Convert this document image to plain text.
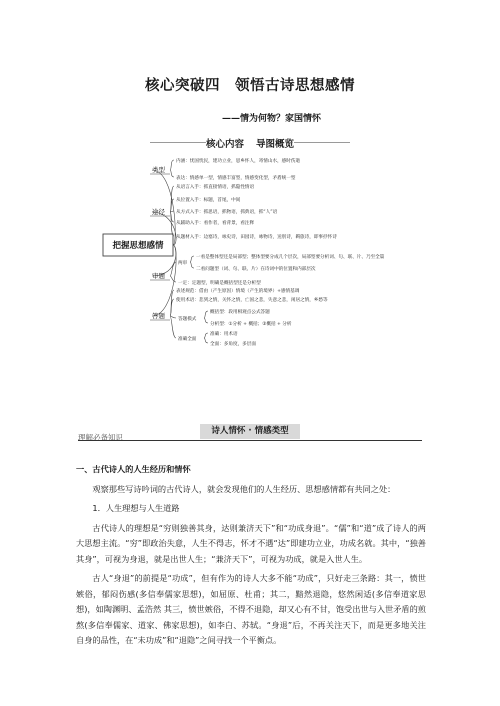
核心突破四　领悟古诗思想感情
——情为何物？家国情怀
核心内容 导图概览
把握思想感情
类型
途径
审题
答题
内涵：忧国忧民，建功立业，思乡怀人，寄情山水，感时伤逝
表达：情感单一型，情感丰富型，情感变化型，矛盾统一型
从语言入手：抓直接情语，抓隐性情语
从位置入手：标题，首尾，中间
从方式入手：抓思语，抓物语，抓典语，抓“人”语
从辅助入手：看作者，看背景，看注释
从题材入手：边塞诗，咏史诗，田园诗，咏物诗，送别诗，羁旅诗，即事抒怀诗
两审
一看是整体型还是局部型；整体型要分成几个层次，局部型要分析词、句、联、片、乃至全篇
二看问题型（词、句、联、片）在诗词中的位置和内部层次
一定：定题型，明确是概括型还是分析型
表述规范：借由（产生原因）情境（产生的境界）+感情基调
使用术语：悲到之情，关怀之情，亡国之悲，失意之悲，闲居之情，乡愁等
答题模式
概括型：段用相观点公式答题
分析型：①分析 + 概括；②概括 + 分析
准确全面
准确：用术语
全面：多角度，多层面
理解必备知识
诗人情怀 · 情感类型

一、古代诗人的人生经历和情怀

观察那些写诗吟词的古代诗人，就会发现他们的人生经历、思想感情都有共同之处：

1．人生理想与人生道路

古代诗人的理想是“穷则独善其身，达则兼济天下”和“功成身退”。“儒”和“道”成了诗人的两大思想主流。“穷”即政治失意，人生不得志，怀才不遇“达”即建功立业，功成名就。其中，“独善其身”，可视为身退，就是出世人生；“兼济天下”，可视为功成，就是入世人生。

古人“身退”的前提是“功成”，但有作为的诗人大多不能“功成”，只好走三条路：其一，愤世嫉俗，郁闷伤感(多信奉儒家思想)，如屈原、杜甫；其二，黯然退隐，悠然闲适(多信奉道家思想)，如陶渊明、孟浩然 其三，愤世嫉俗，不得不退隐，却又心有不甘，饱受出世与入世矛盾的煎熬(多信奉儒家、道家、佛家思想)，如李白、苏轼。“身退”后，不再关注天下，而是更多地关注自身的品性，在“未功成”和“退隐”之间寻找一个平衡点。
